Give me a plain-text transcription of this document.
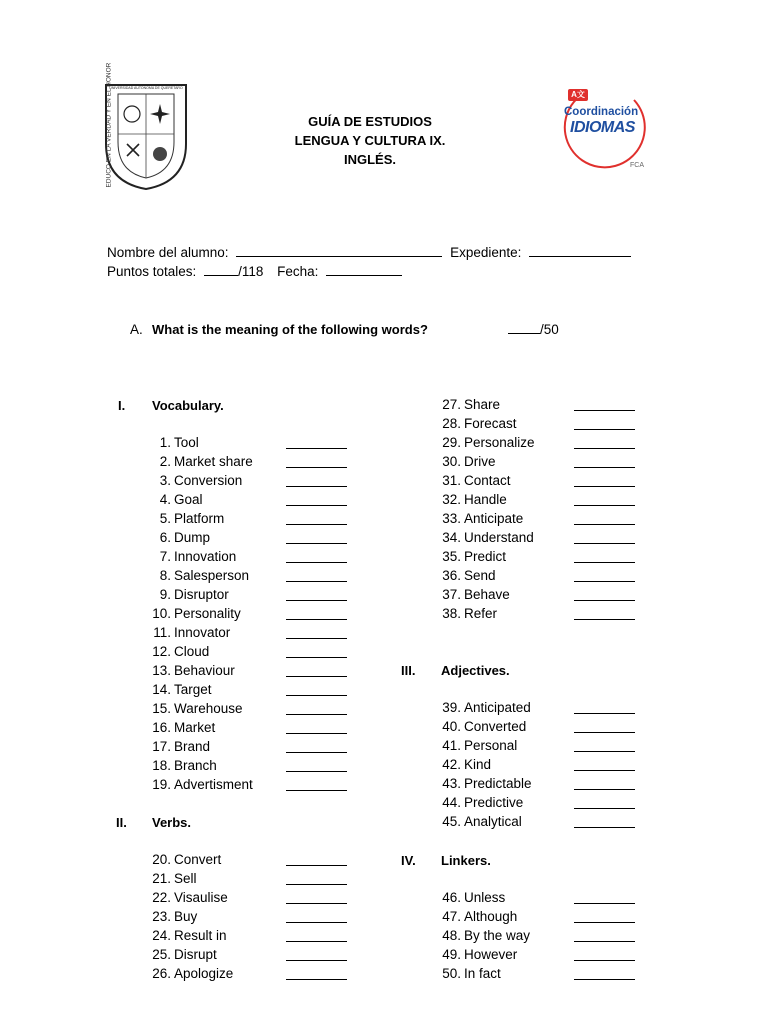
UNIVERSIDAD AUTONOMA DE QUERETARO
EDUCO EN LA VERDAD Y EN EL HONOR	GUÍA DE ESTUDIOS
LENGUA Y CULTURA IX.
INGLÉS.
A文
Coordinación
IDIOMAS
FCA
Nombre del alumno:	Expediente:
Puntos totales:	/118 Fecha:
A. What is the meaning of the following words?	/50
I. Vocabulary.
II. Verbs.
III. Adjectives.
IV. Linkers.
1. Tool
2. Market share
3. Conversion
4. Goal
5. Platform
6. Dump
7. Innovation
8. Salesperson
9. Disruptor
10. Personality
11. Innovator
12. Cloud
13. Behaviour
14. Target
15. Warehouse
16. Market
17. Brand
18. Branch
19. Advertisment
20. Convert
21. Sell
22. Visaulise
23. Buy
24. Result in
25. Disrupt
26. Apologize
27. Share
28. Forecast
29. Personalize
30. Drive
31. Contact
32. Handle
33. Anticipate
34. Understand
35. Predict
36. Send
37. Behave
38. Refer
39. Anticipated
40. Converted
41. Personal
42. Kind
43. Predictable
44. Predictive
45. Analytical
46. Unless
47. Although
48. By the way
49. However
50. In fact
